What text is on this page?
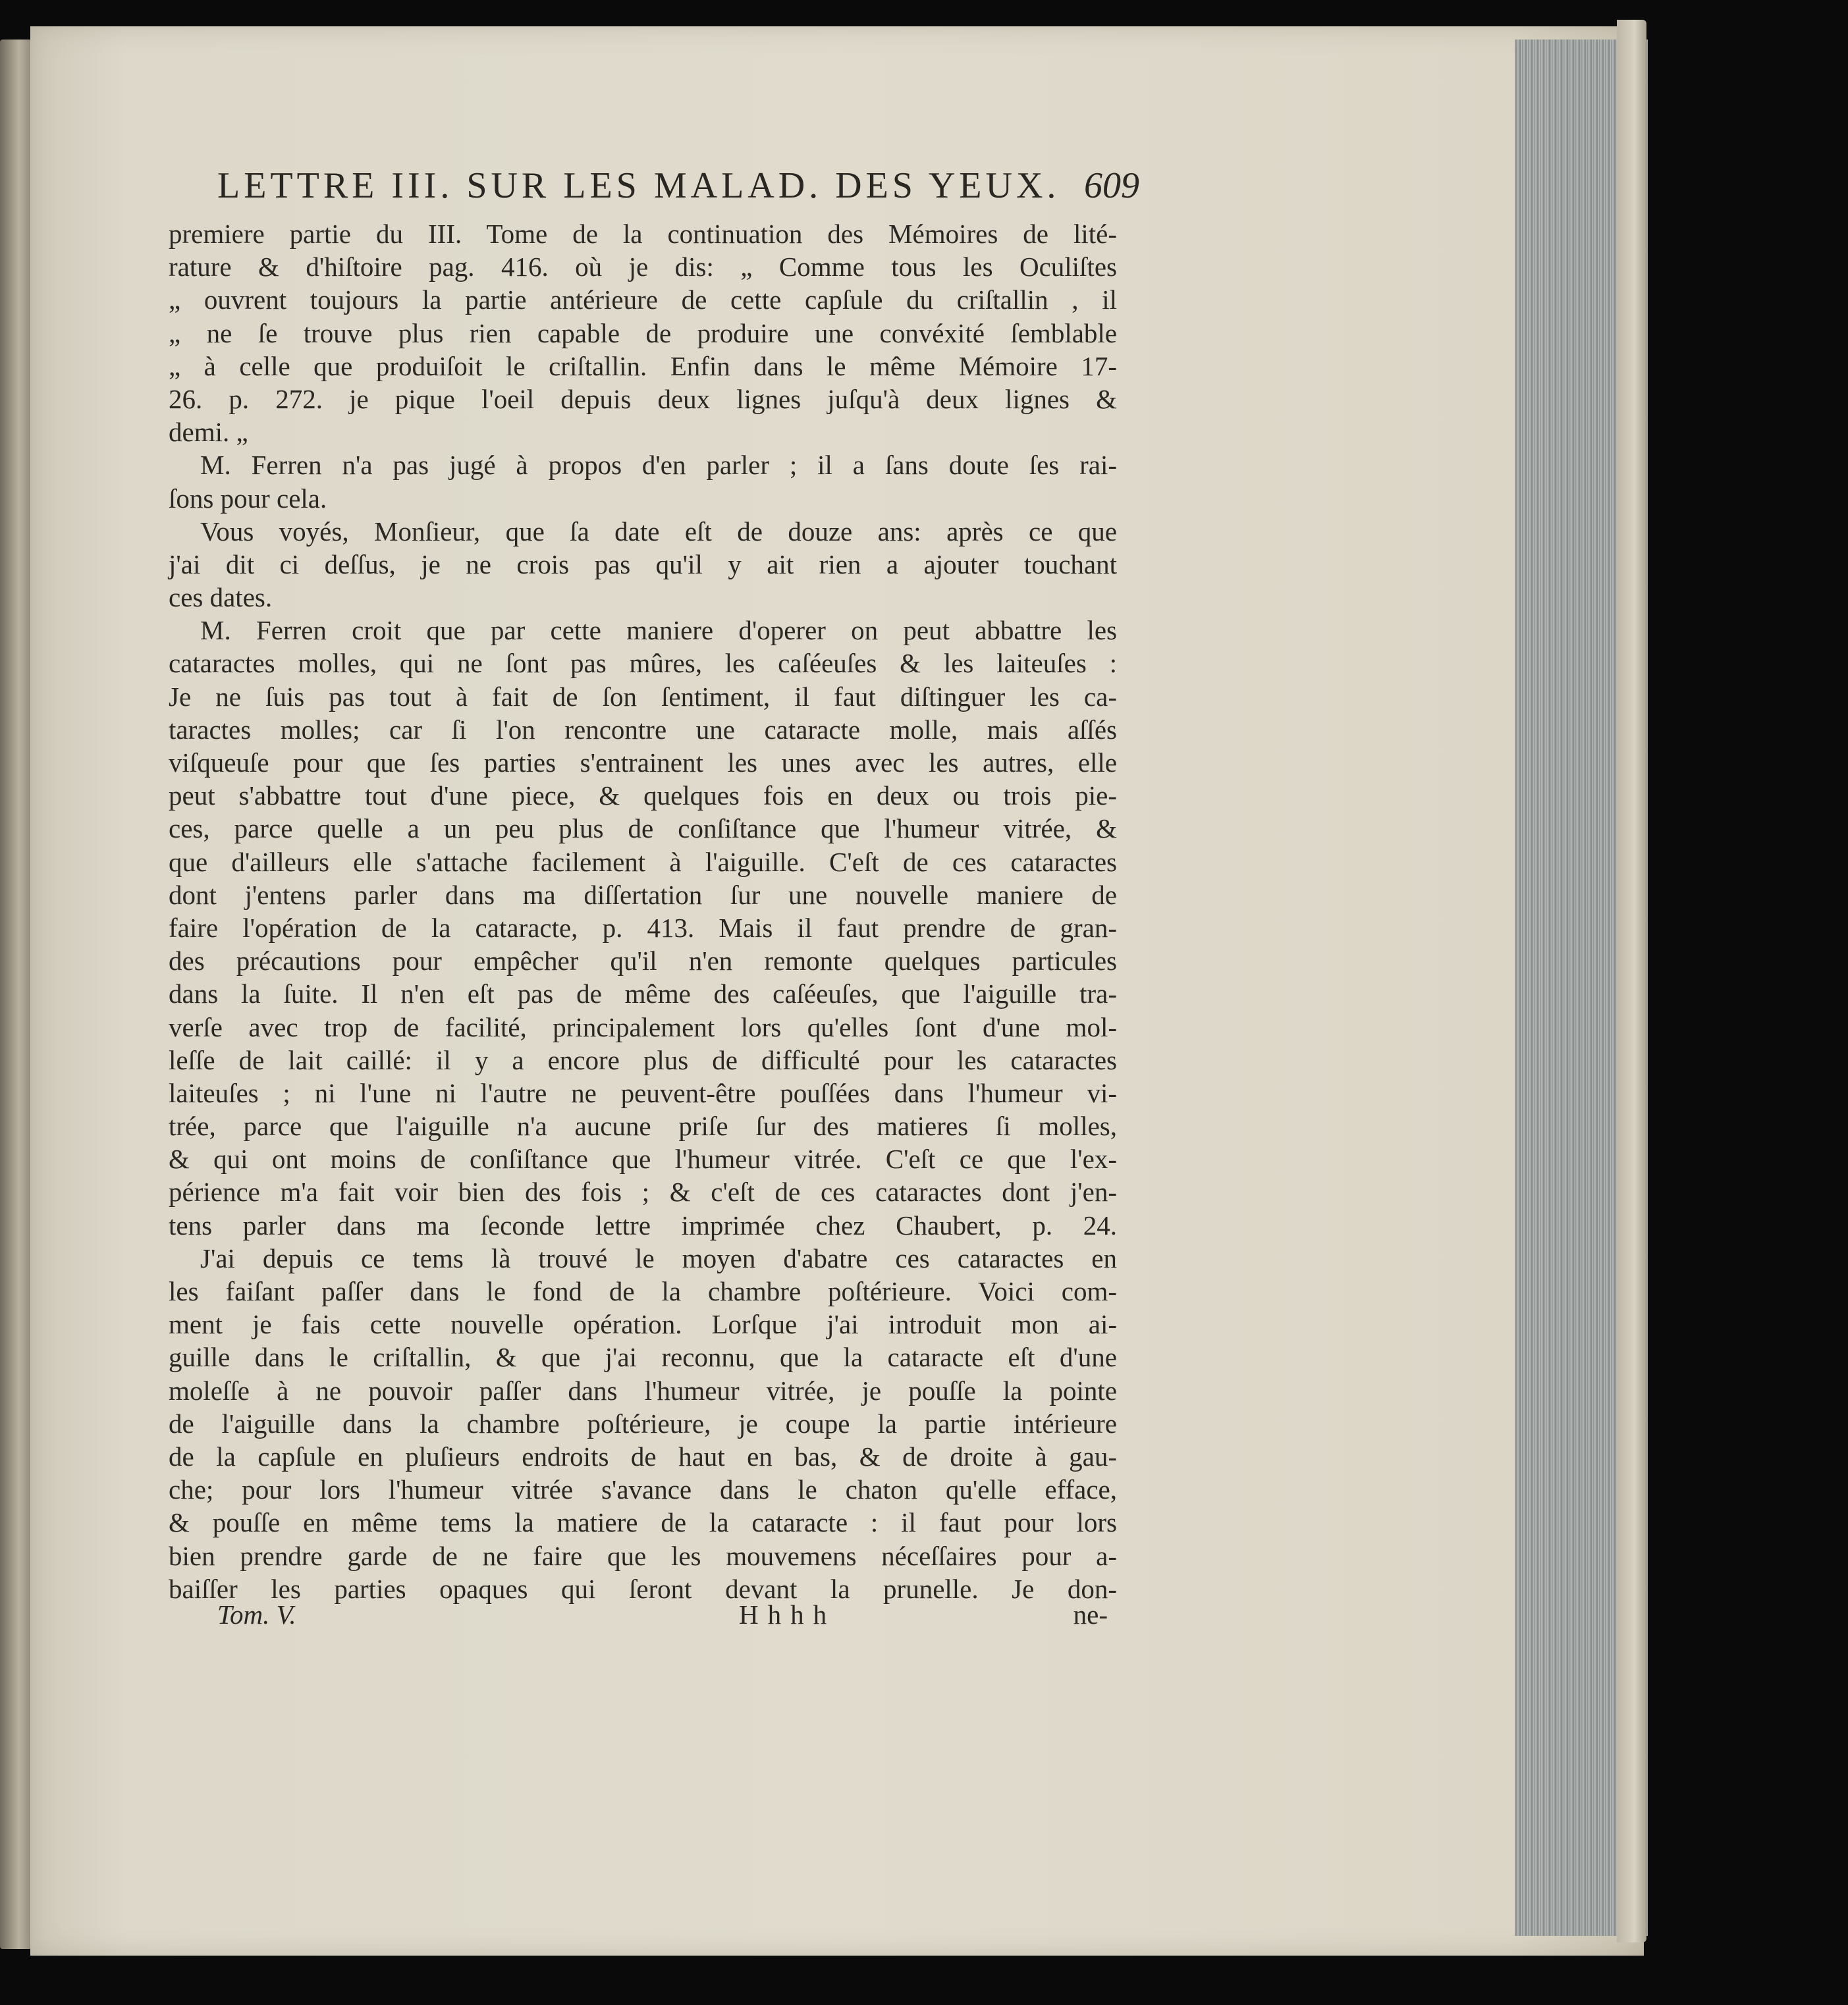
LETTRE III. SUR LES MALAD. DES YEUX. 609
premiere partie du III. Tome de la continuation des Mémoires de lité-
rature & d'hiſtoire pag. 416. où je dis: „ Comme tous les Oculiſtes
„ ouvrent toujours la partie antérieure de cette capſule du criſtallin , il
„ ne ſe trouve plus rien capable de produire une convéxité ſemblable
„ à celle que produiſoit le criſtallin. Enfin dans le même Mémoire 17-
26. p. 272. je pique l'oeil depuis deux lignes juſqu'à deux lignes &
demi. „
M. Ferren n'a pas jugé à propos d'en parler ; il a ſans doute ſes rai-
ſons pour cela.
Vous voyés, Monſieur, que ſa date eſt de douze ans: après ce que
j'ai dit ci deſſus, je ne crois pas qu'il y ait rien a ajouter touchant
ces dates.
M. Ferren croit que par cette maniere d'operer on peut abbattre les
cataractes molles, qui ne ſont pas mûres, les caſéeuſes & les laiteuſes :
Je ne ſuis pas tout à fait de ſon ſentiment, il faut diſtinguer les ca-
taractes molles; car ſi l'on rencontre une cataracte molle, mais aſſés
viſqueuſe pour que ſes parties s'entrainent les unes avec les autres, elle
peut s'abbattre tout d'une piece, & quelques fois en deux ou trois pie-
ces, parce quelle a un peu plus de conſiſtance que l'humeur vitrée, &
que d'ailleurs elle s'attache facilement à l'aiguille. C'eſt de ces cataractes
dont j'entens parler dans ma diſſertation ſur une nouvelle maniere de
faire l'opération de la cataracte, p. 413. Mais il faut prendre de gran-
des précautions pour empêcher qu'il n'en remonte quelques particules
dans la ſuite. Il n'en eſt pas de même des caſéeuſes, que l'aiguille tra-
verſe avec trop de facilité, principalement lors qu'elles ſont d'une mol-
leſſe de lait caillé: il y a encore plus de difficulté pour les cataractes
laiteuſes ; ni l'une ni l'autre ne peuvent-être pouſſées dans l'humeur vi-
trée, parce que l'aiguille n'a aucune priſe ſur des matieres ſi molles,
& qui ont moins de conſiſtance que l'humeur vitrée. C'eſt ce que l'ex-
périence m'a fait voir bien des fois ; & c'eſt de ces cataractes dont j'en-
tens parler dans ma ſeconde lettre imprimée chez Chaubert, p. 24.
J'ai depuis ce tems là trouvé le moyen d'abatre ces cataractes en
les faiſant paſſer dans le fond de la chambre poſtérieure. Voici com-
ment je fais cette nouvelle opération. Lorſque j'ai introduit mon ai-
guille dans le criſtallin, & que j'ai reconnu, que la cataracte eſt d'une
moleſſe à ne pouvoir paſſer dans l'humeur vitrée, je pouſſe la pointe
de l'aiguille dans la chambre poſtérieure, je coupe la partie intérieure
de la capſule en pluſieurs endroits de haut en bas, & de droite à gau-
che; pour lors l'humeur vitrée s'avance dans le chaton qu'elle efface,
& pouſſe en même tems la matiere de la cataracte : il faut pour lors
bien prendre garde de ne faire que les mouvemens néceſſaires pour a-
baiſſer les parties opaques qui ſeront devant la prunelle. Je don-
Tom. V.	Hhhh	ne-
